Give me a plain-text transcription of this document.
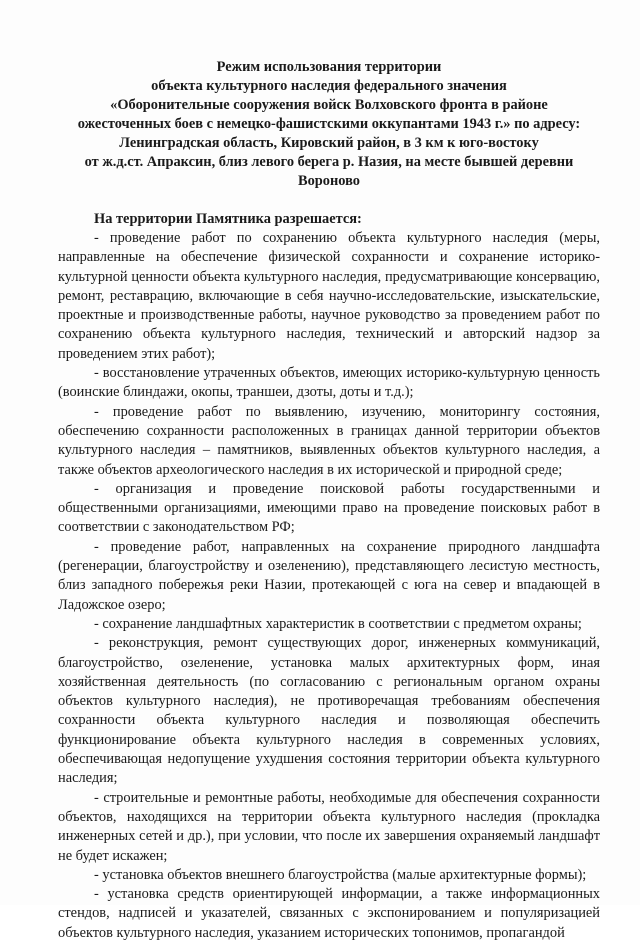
Режим использования территории
объекта культурного наследия федерального значения
«Оборонительные сооружения войск Волховского фронта в районе
ожесточенных боев с немецко-фашистскими оккупантами 1943 г.» по адресу:
Ленинградская область, Кировский район, в 3 км к юго-востоку
от ж.д.ст. Апраксин, близ левого берега р. Назия, на месте бывшей деревни
Вороново
На территории Памятника разрешается:

- проведение работ по сохранению объекта культурного наследия (меры, направленные на обеспечение физической сохранности и сохранение историко-культурной ценности объекта культурного наследия, предусматривающие консервацию, ремонт, реставрацию, включающие в себя научно-исследовательские, изыскательские, проектные и производственные работы, научное руководство за проведением работ по сохранению объекта культурного наследия, технический и авторский надзор за проведением этих работ);

- восстановление утраченных объектов, имеющих историко-культурную ценность (воинские блиндажи, окопы, траншеи, дзоты, доты и т.д.);

- проведение работ по выявлению, изучению, мониторингу состояния, обеспечению сохранности расположенных в границах данной территории объектов культурного наследия – памятников, выявленных объектов культурного наследия, а также объектов археологического наследия в их исторической и природной среде;

- организация и проведение поисковой работы государственными и общественными организациями, имеющими право на проведение поисковых работ в соответствии с законодательством РФ;

- проведение работ, направленных на сохранение природного ландшафта (регенерации, благоустройству и озеленению), представляющего лесистую местность, близ западного побережья реки Назии, протекающей с юга на север и впадающей в Ладожское озеро;

- сохранение ландшафтных характеристик в соответствии с предметом охраны;

- реконструкция, ремонт существующих дорог, инженерных коммуникаций, благоустройство, озеленение, установка малых архитектурных форм, иная хозяйственная деятельность (по согласованию с региональным органом охраны объектов культурного наследия), не противоречащая требованиям обеспечения сохранности объекта культурного наследия и позволяющая обеспечить функционирование объекта культурного наследия в современных условиях, обеспечивающая недопущение ухудшения состояния территории объекта культурного наследия;

- строительные и ремонтные работы, необходимые для обеспечения сохранности объектов, находящихся на территории объекта культурного наследия (прокладка инженерных сетей и др.), при условии, что после их завершения охраняемый ландшафт не будет искажен;

- установка объектов внешнего благоустройства (малые архитектурные формы);

- установка средств ориентирующей информации, а также информационных стендов, надписей и указателей, связанных с экспонированием и популяризацией объектов культурного наследия, указанием исторических топонимов, пропагандой
